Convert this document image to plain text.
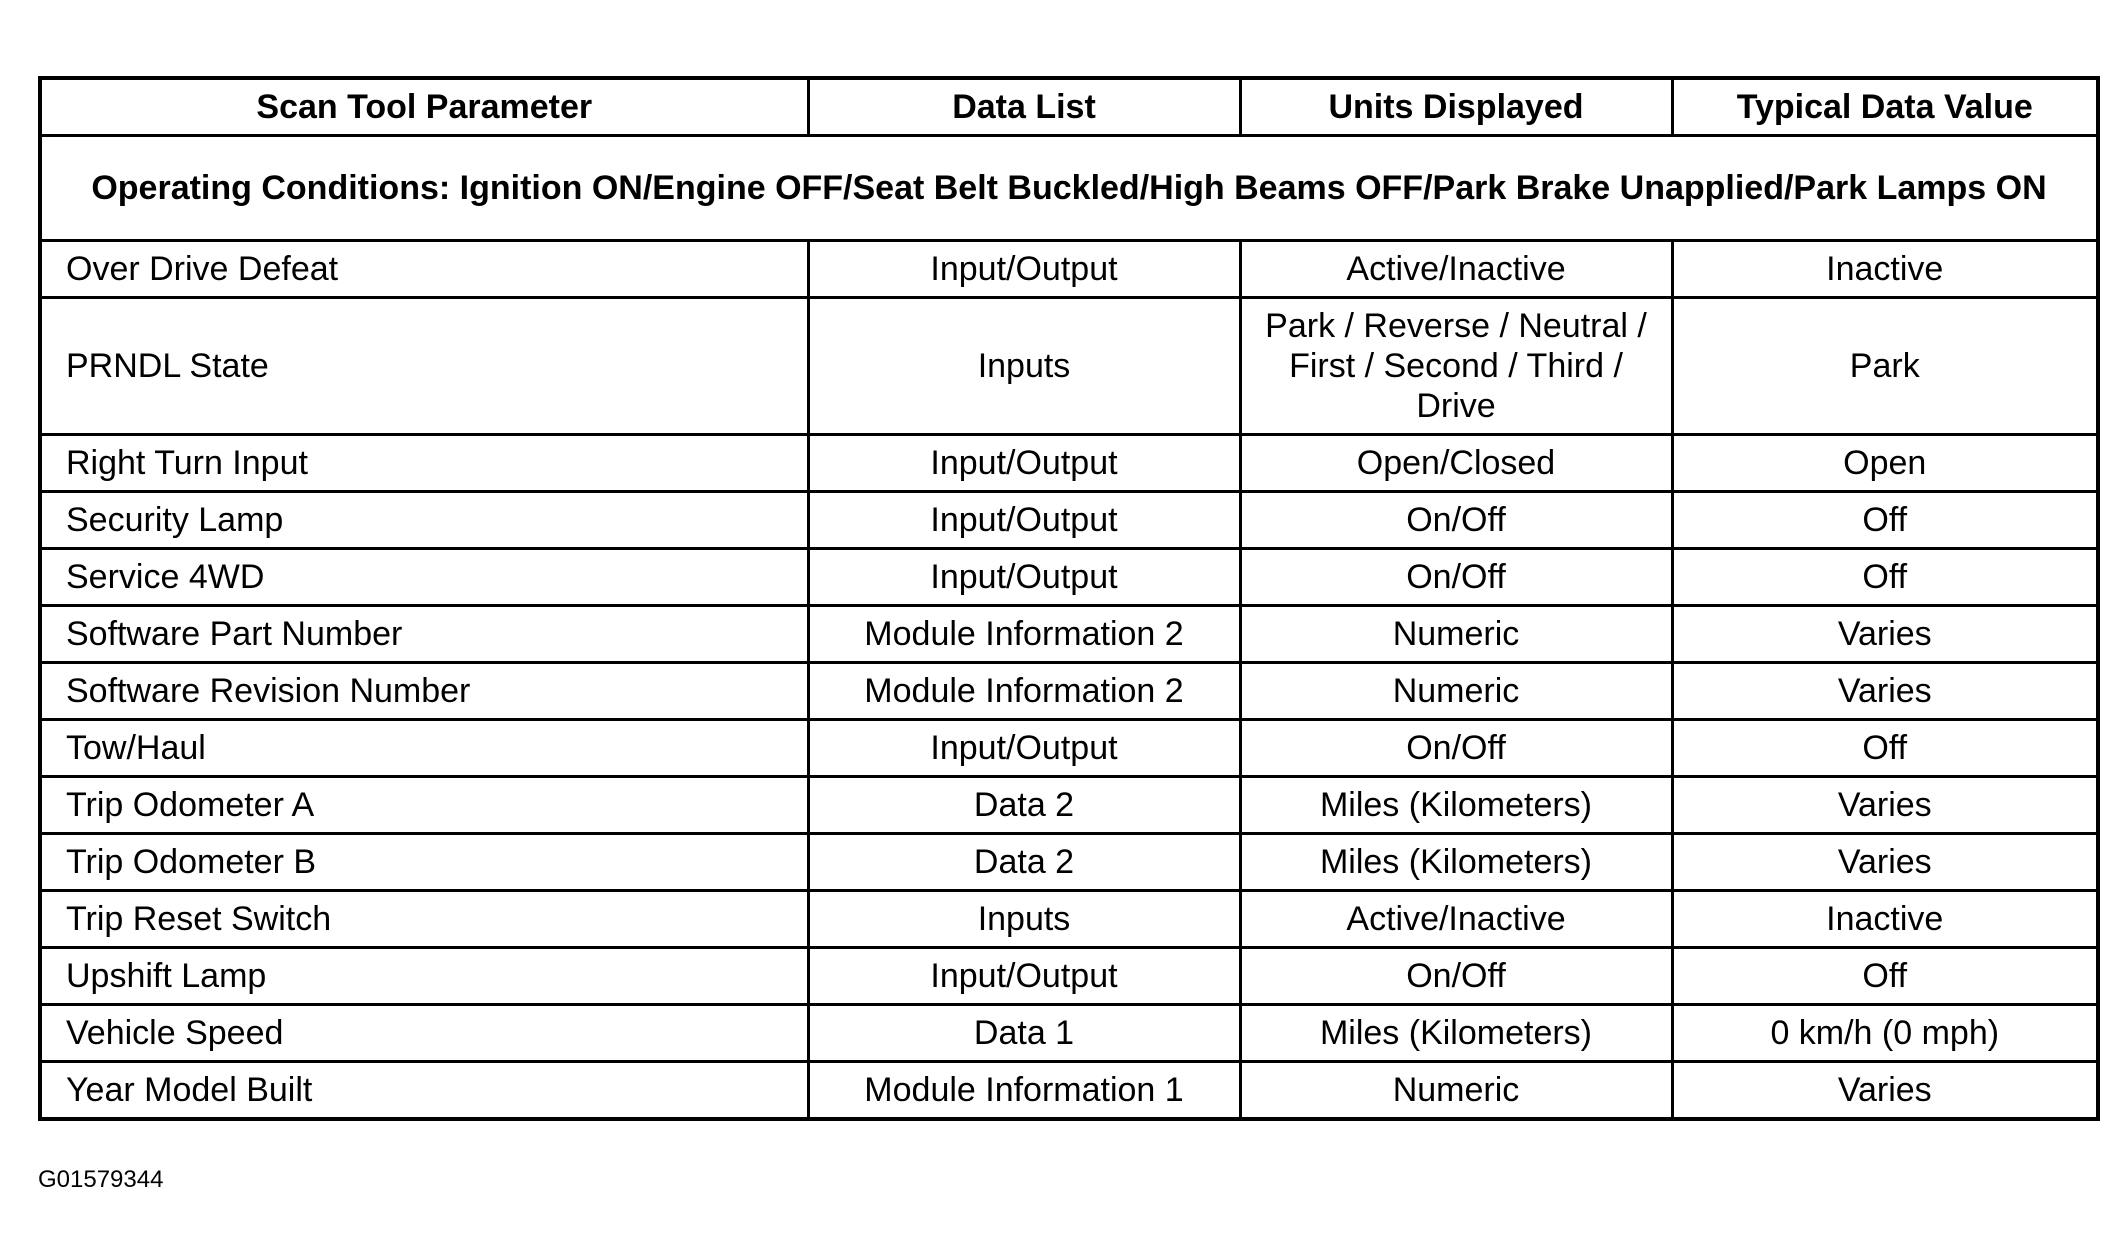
Scan Tool Parameter	Data List	Units Displayed	Typical Data Value
Operating Conditions: Ignition ON/Engine OFF/Seat Belt Buckled/High Beams OFF/Park Brake Unapplied/Park Lamps ON			
Over Drive Defeat	Input/Output	Active/Inactive	Inactive
PRNDL State	Inputs	Park / Reverse / Neutral / First / Second / Third / Drive	Park
Right Turn Input	Input/Output	Open/Closed	Open
Security Lamp	Input/Output	On/Off	Off
Service 4WD	Input/Output	On/Off	Off
Software Part Number	Module Information 2	Numeric	Varies
Software Revision Number	Module Information 2	Numeric	Varies
Tow/Haul	Input/Output	On/Off	Off
Trip Odometer A	Data 2	Miles (Kilometers)	Varies
Trip Odometer B	Data 2	Miles (Kilometers)	Varies
Trip Reset Switch	Inputs	Active/Inactive	Inactive
Upshift Lamp	Input/Output	On/Off	Off
Vehicle Speed	Data 1	Miles (Kilometers)	0 km/h (0 mph)
Year Model Built	Module Information 1	Numeric	Varies
G01579344
